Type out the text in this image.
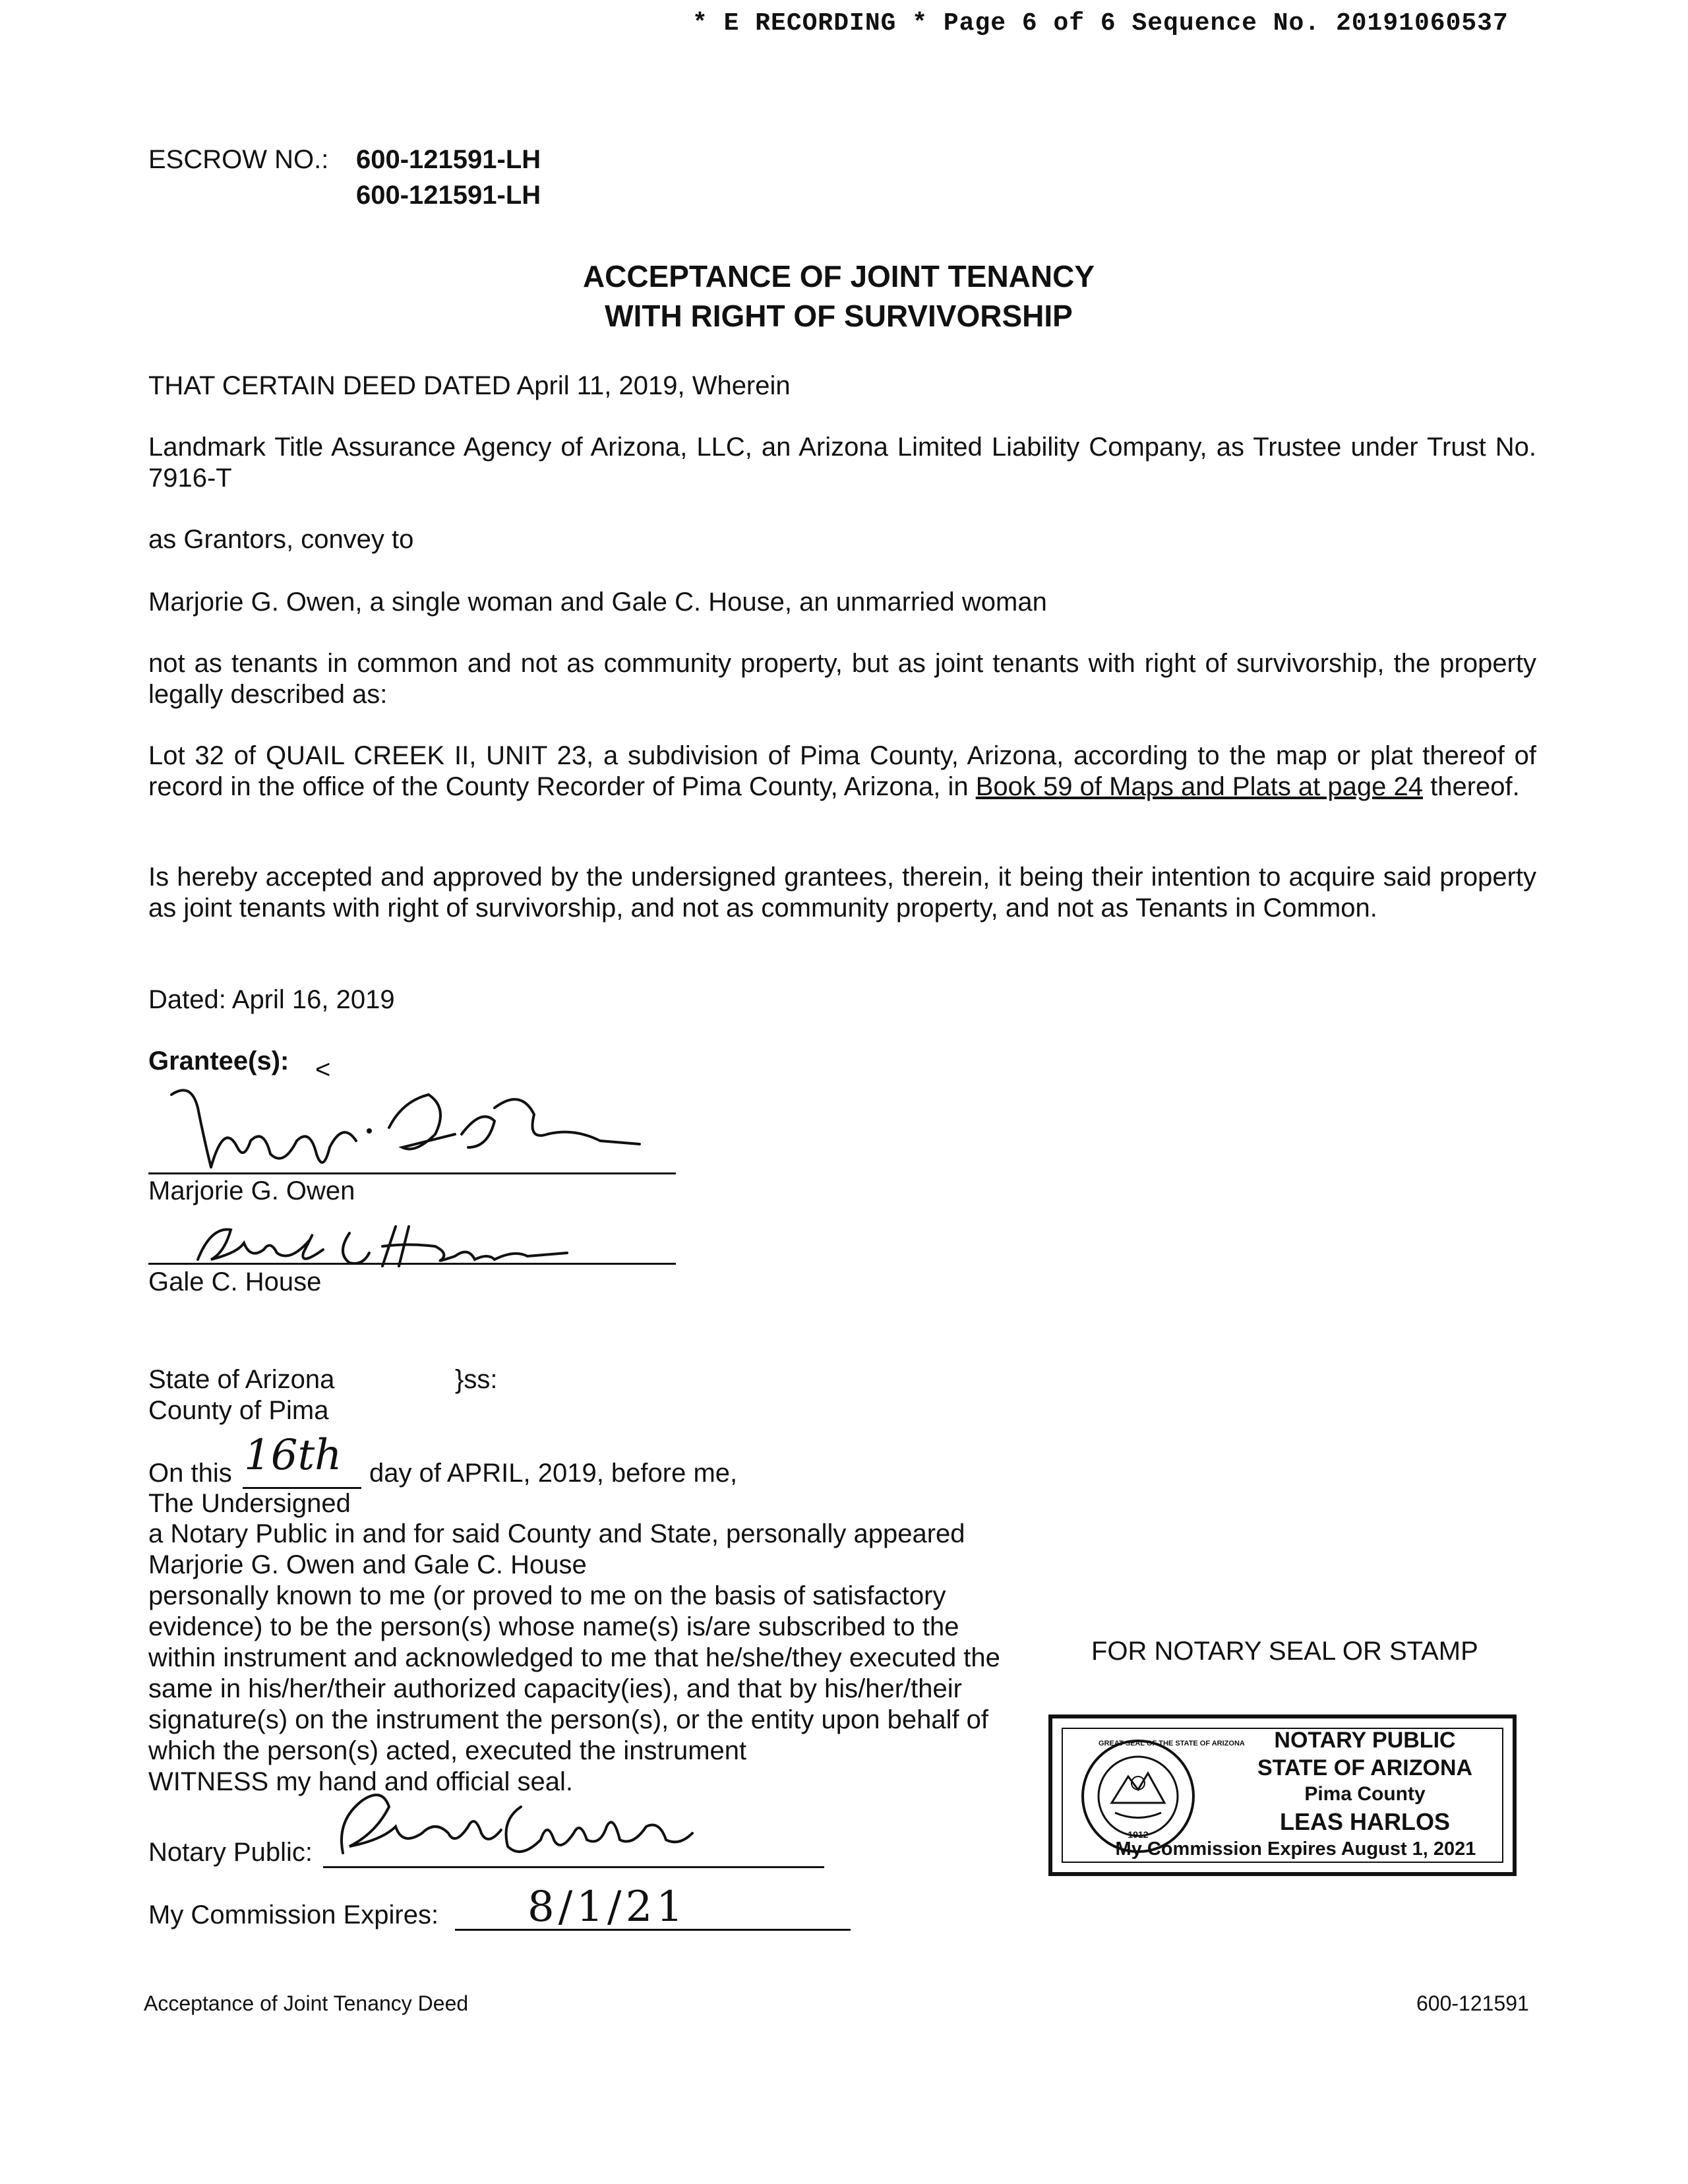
* E RECORDING * Page 6 of 6 Sequence No. 20191060537
ESCROW NO.: 600-121591-LH
600-121591-LH
ACCEPTANCE OF JOINT TENANCY
WITH RIGHT OF SURVIVORSHIP
THAT CERTAIN DEED DATED April 11, 2019, Wherein
Landmark Title Assurance Agency of Arizona, LLC, an Arizona Limited Liability Company, as Trustee under Trust No. 7916-T
as Grantors, convey to
Marjorie G. Owen, a single woman and Gale C. House, an unmarried woman
not as tenants in common and not as community property, but as joint tenants with right of survivorship, the property legally described as:
Lot 32 of QUAIL CREEK II, UNIT 23, a subdivision of Pima County, Arizona, according to the map or plat thereof of record in the office of the County Recorder of Pima County, Arizona, in Book 59 of Maps and Plats at page 24 thereof.
Is hereby accepted and approved by the undersigned grantees, therein, it being their intention to acquire said property as joint tenants with right of survivorship, and not as community property, and not as Tenants in Common.
Dated: April 16, 2019
Grantee(s): <
Marjorie G. Owen
Gale C. House
State of Arizona	}ss:
County of Pima
On this 16th day of APRIL, 2019, before me,
The Undersigned
a Notary Public in and for said County and State, personally appeared
Marjorie G. Owen and Gale C. House
personally known to me (or proved to me on the basis of satisfactory
evidence) to be the person(s) whose name(s) is/are subscribed to the
within instrument and acknowledged to me that he/she/they executed the
same in his/her/their authorized capacity(ies), and that by his/her/their
signature(s) on the instrument the person(s), or the entity upon behalf of
which the person(s) acted, executed the instrument
WITNESS my hand and official seal.
Notary Public:
My Commission Expires: 8/1/21
FOR NOTARY SEAL OR STAMP
GREAT SEAL OF THE STATE OF ARIZONA
1912
NOTARY PUBLIC
STATE OF ARIZONA
Pima County
LEAS HARLOS
My Commission Expires August 1, 2021
Acceptance of Joint Tenancy Deed	600-121591
